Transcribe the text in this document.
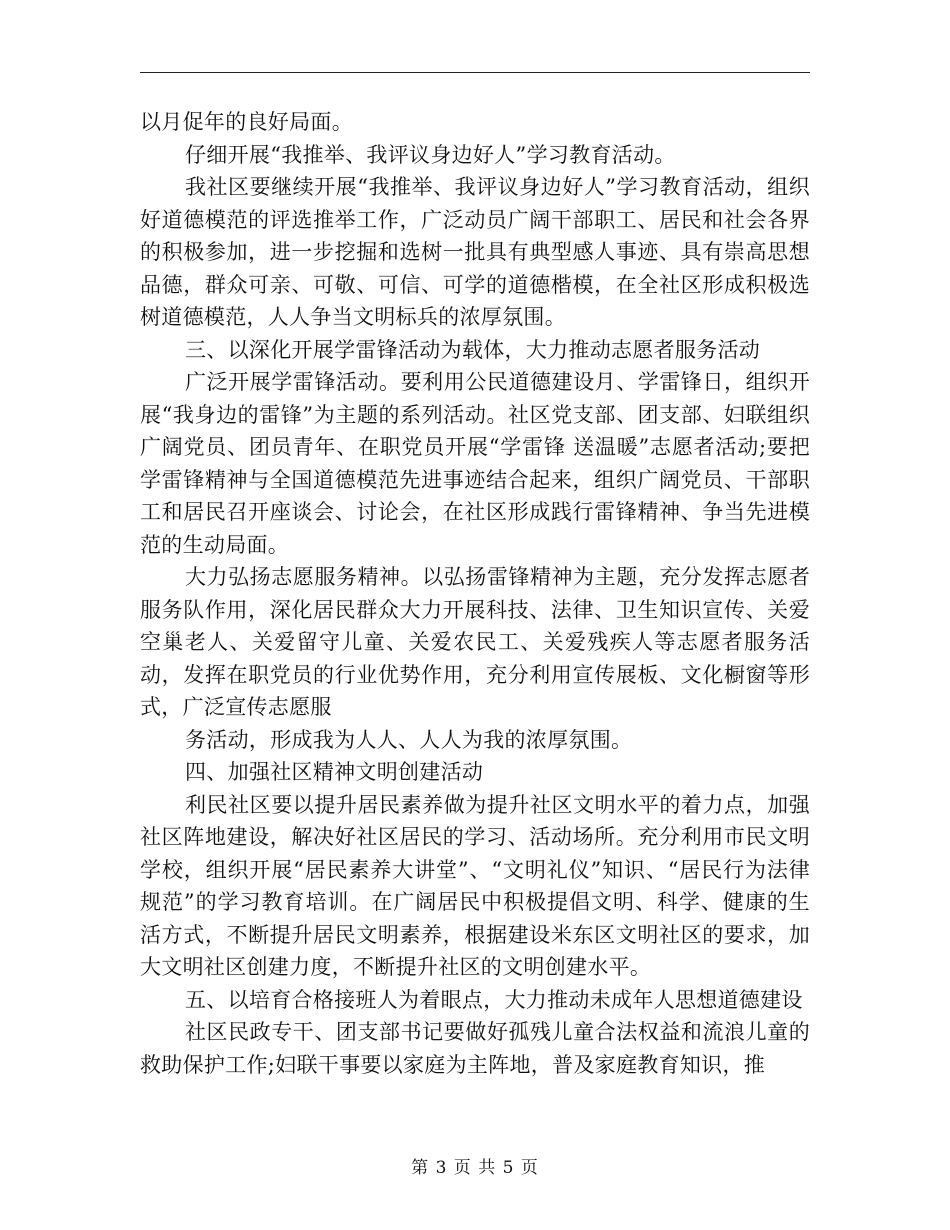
以月促年的良好局面。

仔细开展“我推举、我评议身边好人”学习教育活动。

我社区要继续开展“我推举、我评议身边好人”学习教育活动，组织好道德模范的评选推举工作，广泛动员广阔干部职工、居民和社会各界的积极参加，进一步挖掘和选树一批具有典型感人事迹、具有崇高思想品德，群众可亲、可敬、可信、可学的道德楷模，在全社区形成积极选树道德模范，人人争当文明标兵的浓厚氛围。

三、以深化开展学雷锋活动为载体，大力推动志愿者服务活动

广泛开展学雷锋活动。要利用公民道德建设月、学雷锋日，组织开展“我身边的雷锋”为主题的系列活动。社区党支部、团支部、妇联组织广阔党员、团员青年、在职党员开展“学雷锋 送温暖”志愿者活动;要把学雷锋精神与全国道德模范先进事迹结合起来，组织广阔党员、干部职工和居民召开座谈会、讨论会，在社区形成践行雷锋精神、争当先进模范的生动局面。

大力弘扬志愿服务精神。以弘扬雷锋精神为主题，充分发挥志愿者服务队作用，深化居民群众大力开展科技、法律、卫生知识宣传、关爱空巢老人、关爱留守儿童、关爱农民工、关爱残疾人等志愿者服务活动，发挥在职党员的行业优势作用，充分利用宣传展板、文化橱窗等形式，广泛宣传志愿服

务活动，形成我为人人、人人为我的浓厚氛围。

四、加强社区精神文明创建活动

利民社区要以提升居民素养做为提升社区文明水平的着力点，加强社区阵地建设，解决好社区居民的学习、活动场所。充分利用市民文明学校，组织开展“居民素养大讲堂”、“文明礼仪”知识、“居民行为法律规范”的学习教育培训。在广阔居民中积极提倡文明、科学、健康的生活方式，不断提升居民文明素养，根据建设米东区文明社区的要求，加大文明社区创建力度，不断提升社区的文明创建水平。

五、以培育合格接班人为着眼点，大力推动未成年人思想道德建设

社区民政专干、团支部书记要做好孤残儿童合法权益和流浪儿童的救助保护工作;妇联干事要以家庭为主阵地，普及家庭教育知识，推

第 3 页 共 5 页
